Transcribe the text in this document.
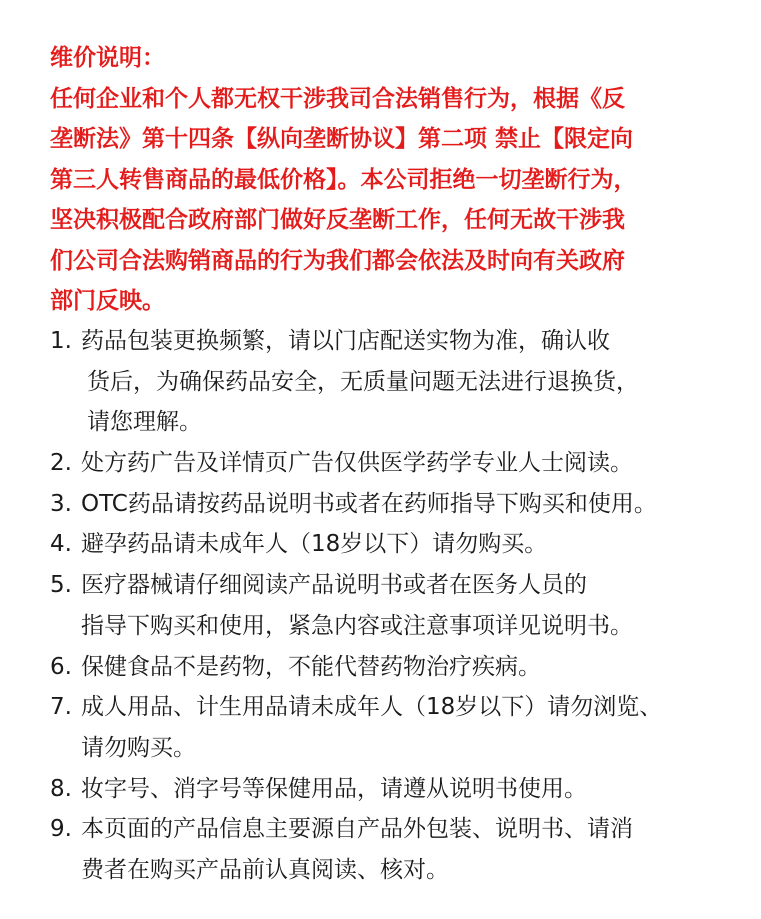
维价说明：
任何企业和个人都无权干涉我司合法销售行为，根据《反
垄断法》第十四条【纵向垄断协议】第二项 禁止【限定向
第三人转售商品的最低价格】。本公司拒绝一切垄断行为，
坚决积极配合政府部门做好反垄断工作，任何无故干涉我
们公司合法购销商品的行为我们都会依法及时向有关政府
部门反映。
1. 药品包装更换频繁，请以门店配送实物为准，确认收
货后，为确保药品安全，无质量问题无法进行退换货，
请您理解。
2. 处方药广告及详情页广告仅供医学药学专业人士阅读。
3. OTC药品请按药品说明书或者在药师指导下购买和使用。
4. 避孕药品请未成年人（18岁以下）请勿购买。
5. 医疗器械请仔细阅读产品说明书或者在医务人员的
指导下购买和使用，紧急内容或注意事项详见说明书。
6. 保健食品不是药物，不能代替药物治疗疾病。
7. 成人用品、计生用品请未成年人（18岁以下）请勿浏览、
请勿购买。
8. 妆字号、消字号等保健用品，请遵从说明书使用。
9. 本页面的产品信息主要源自产品外包装、说明书、请消
费者在购买产品前认真阅读、核对。
